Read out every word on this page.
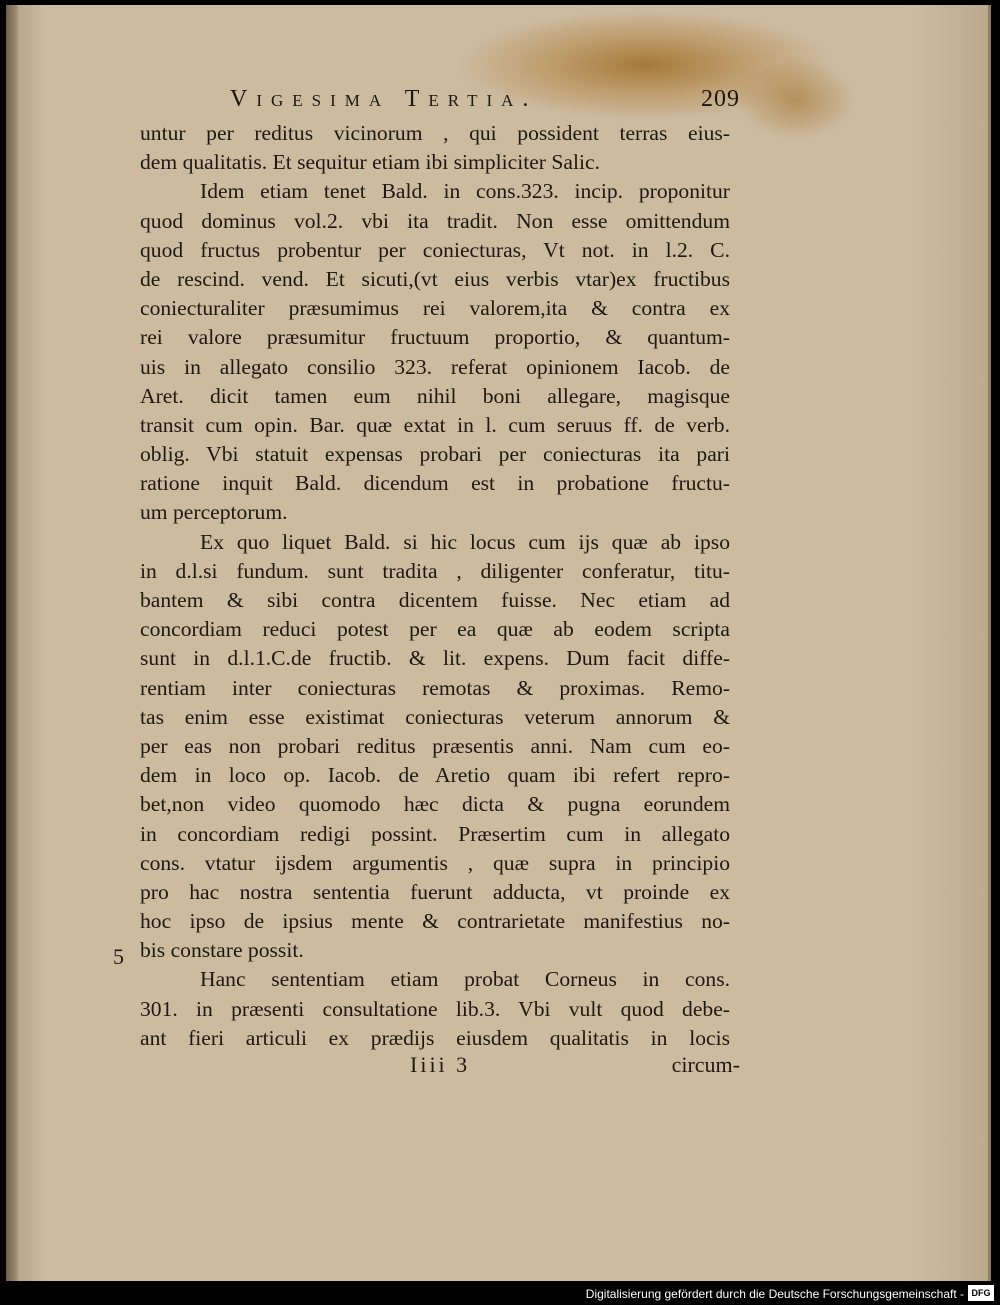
Vigesima Tertia.	209
untur per reditus vicinorum , qui possident terras eius-
dem qualitatis. Et sequitur etiam ibi simpliciter Salic.
Idem etiam tenet Bald. in cons.323. incip. proponitur
quod dominus vol.2. vbi ita tradit. Non esse omittendum
quod fructus probentur per coniecturas, Vt not. in l.2. C.
de rescind. vend. Et sicuti,(vt eius verbis vtar)ex fructibus
coniecturaliter præsumimus rei valorem,ita & contra ex
rei valore præsumitur fructuum proportio, & quantum-
uis in allegato consilio 323. referat opinionem Iacob. de
Aret. dicit tamen eum nihil boni allegare, magisque
transit cum opin. Bar. quæ extat in l. cum seruus ff. de verb.
oblig. Vbi statuit expensas probari per coniecturas ita pari
ratione inquit Bald. dicendum est in probatione fructu-
um perceptorum.
Ex quo liquet Bald. si hic locus cum ijs quæ ab ipso
in d.l.si fundum. sunt tradita , diligenter conferatur, titu-
bantem & sibi contra dicentem fuisse. Nec etiam ad
concordiam reduci potest per ea quæ ab eodem scripta
sunt in d.l.1.C.de fructib. & lit. expens. Dum facit diffe-
rentiam inter coniecturas remotas & proximas. Remo-
tas enim esse existimat coniecturas veterum annorum &
per eas non probari reditus præsentis anni. Nam cum eo-
dem in loco op. Iacob. de Aretio quam ibi refert repro-
bet,non video quomodo hæc dicta & pugna eorundem
in concordiam redigi possint. Præsertim cum in allegato
cons. vtatur ijsdem argumentis , quæ supra in principio
pro hac nostra sententia fuerunt adducta, vt proinde ex
hoc ipso de ipsius mente & contrarietate manifestius no-
bis constare possit.
Hanc sententiam etiam probat Corneus in cons.
301. in præsenti consultatione lib.3. Vbi vult quod debe-
ant fieri articuli ex prædijs eiusdem qualitatis in locis
5
Iiii 3	circum-
Digitalisierung gefördert durch die Deutsche Forschungsgemeinschaft - DFG
